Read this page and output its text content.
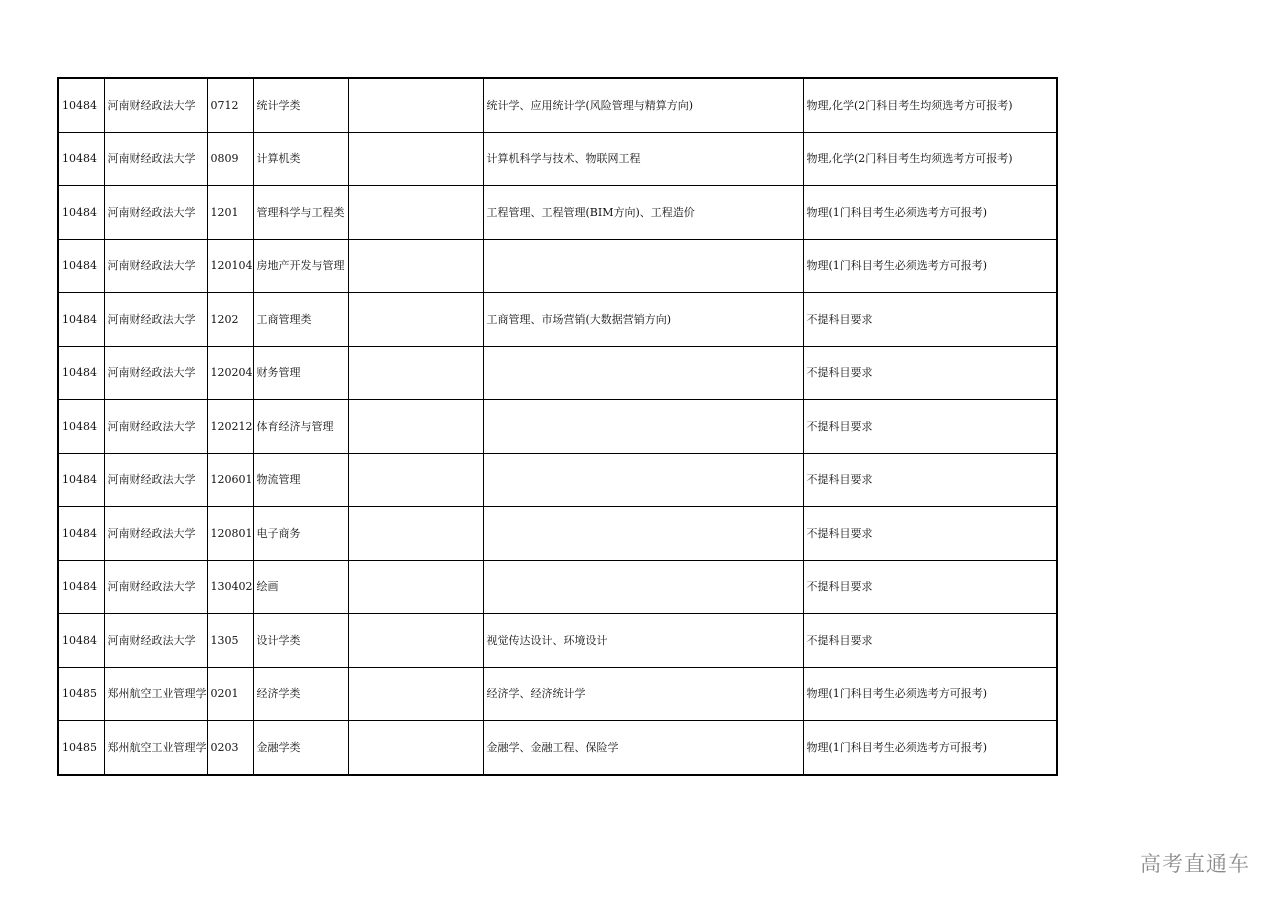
10484	河南财经政法大学	0712	统计学类		统计学、应用统计学(风险管理与精算方向)	物理,化学(2门科目考生均须选考方可报考)
10484	河南财经政法大学	0809	计算机类		计算机科学与技术、物联网工程	物理,化学(2门科目考生均须选考方可报考)
10484	河南财经政法大学	1201	管理科学与工程类		工程管理、工程管理(BIM方向)、工程造价	物理(1门科目考生必须选考方可报考)
10484	河南财经政法大学	120104	房地产开发与管理			物理(1门科目考生必须选考方可报考)
10484	河南财经政法大学	1202	工商管理类		工商管理、市场营销(大数据营销方向)	不提科目要求
10484	河南财经政法大学	120204	财务管理			不提科目要求
10484	河南财经政法大学	120212	体育经济与管理			不提科目要求
10484	河南财经政法大学	120601	物流管理			不提科目要求
10484	河南财经政法大学	120801	电子商务			不提科目要求
10484	河南财经政法大学	130402	绘画			不提科目要求
10484	河南财经政法大学	1305	设计学类		视觉传达设计、环境设计	不提科目要求
10485	郑州航空工业管理学	0201	经济学类		经济学、经济统计学	物理(1门科目考生必须选考方可报考)
10485	郑州航空工业管理学	0203	金融学类		金融学、金融工程、保险学	物理(1门科目考生必须选考方可报考)
高考直通车
